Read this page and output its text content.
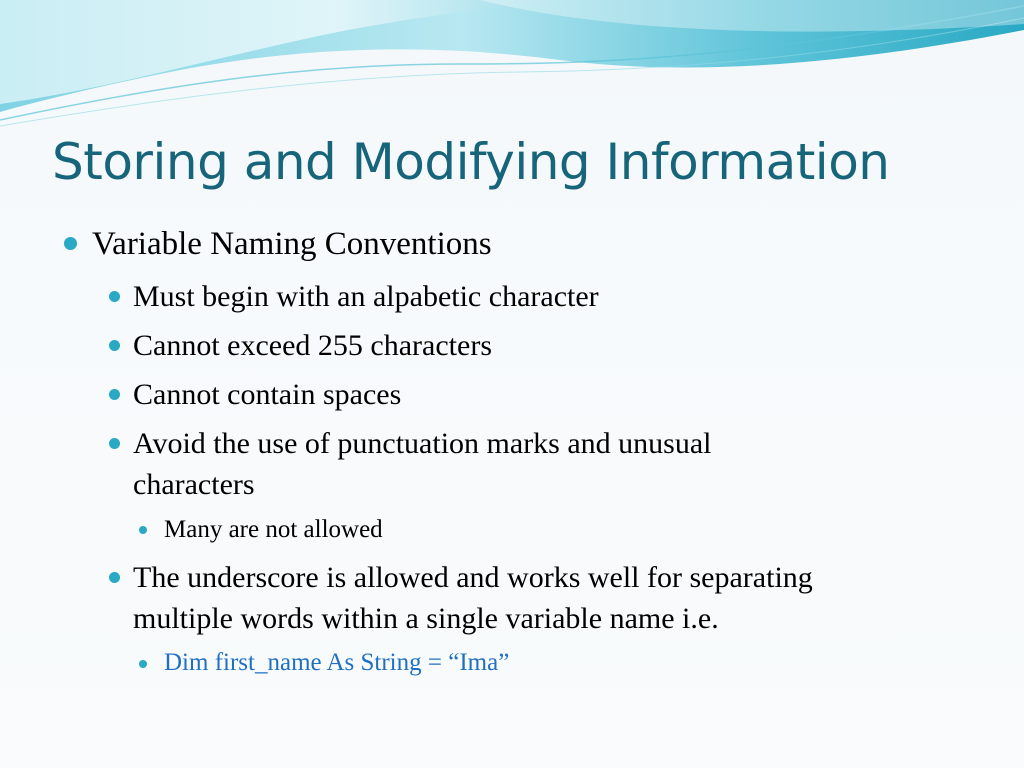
Storing and Modifying Information

Variable Naming Conventions

Must begin with an alpabetic character

Cannot exceed 255 characters

Cannot contain spaces

Avoid the use of punctuation marks and unusual

characters

Many are not allowed

The underscore is allowed and works well for separating

multiple words within a single variable name i.e.

Dim first_name As String = “Ima”
